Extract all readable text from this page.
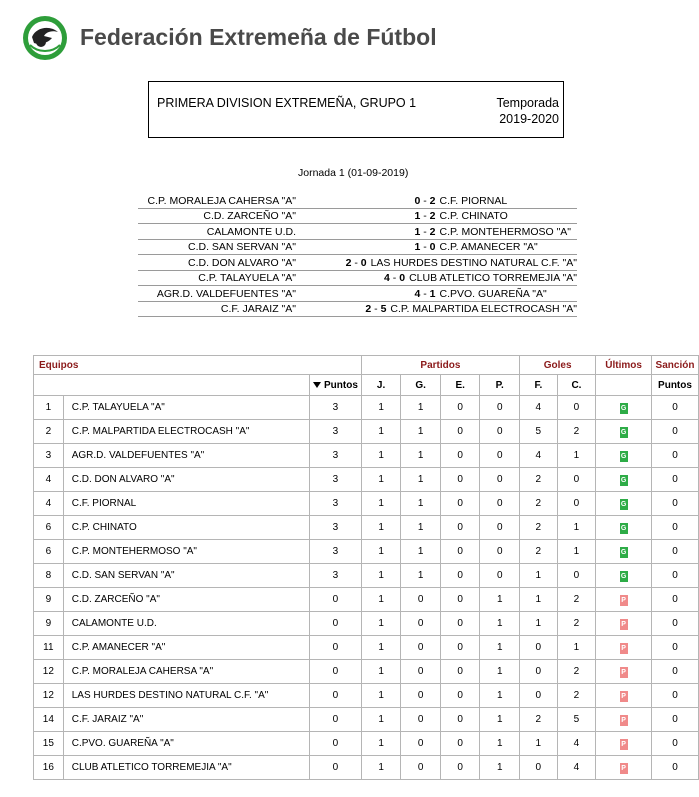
Federación Extremeña de Fútbol
PRIMERA DIVISION EXTREMEÑA, GRUPO 1	Temporada
2019-2020
Jornada 1 (01-09-2019)
C.P. MORALEJA CAHERSA "A"	0 - 2 C.F. PIORNAL
C.D. ZARCEÑO "A"	1 - 2 C.P. CHINATO
CALAMONTE U.D.	1 - 2 C.P. MONTEHERMOSO "A"
C.D. SAN SERVAN "A"	1 - 0 C.P. AMANECER "A"
C.D. DON ALVARO "A"	2 - 0 LAS HURDES DESTINO NATURAL C.F. "A"
C.P. TALAYUELA "A"	4 - 0 CLUB ATLETICO TORREMEJIA "A"
AGR.D. VALDEFUENTES "A"	4 - 1 C.PVO. GUAREÑA "A"
C.F. JARAIZ "A"	2 - 5 C.P. MALPARTIDA ELECTROCASH "A"
Equipos			Partidos				Goles		Últimos	Sanción
		Puntos	J.	G.	E.	P.	F.	C.		Puntos
1	C.P. TALAYUELA "A"	3	1	1	0	0	4	0	G	0
2	C.P. MALPARTIDA ELECTROCASH "A"	3	1	1	0	0	5	2	G	0
3	AGR.D. VALDEFUENTES "A"	3	1	1	0	0	4	1	G	0
4	C.D. DON ALVARO "A"	3	1	1	0	0	2	0	G	0
4	C.F. PIORNAL	3	1	1	0	0	2	0	G	0
6	C.P. CHINATO	3	1	1	0	0	2	1	G	0
6	C.P. MONTEHERMOSO "A"	3	1	1	0	0	2	1	G	0
8	C.D. SAN SERVAN "A"	3	1	1	0	0	1	0	G	0
9	C.D. ZARCEÑO "A"	0	1	0	0	1	1	2	P	0
9	CALAMONTE U.D.	0	1	0	0	1	1	2	P	0
11	C.P. AMANECER "A"	0	1	0	0	1	0	1	P	0
12	C.P. MORALEJA CAHERSA "A"	0	1	0	0	1	0	2	P	0
12	LAS HURDES DESTINO NATURAL C.F. "A"	0	1	0	0	1	0	2	P	0
14	C.F. JARAIZ "A"	0	1	0	0	1	2	5	P	0
15	C.PVO. GUAREÑA "A"	0	1	0	0	1	1	4	P	0
16	CLUB ATLETICO TORREMEJIA "A"	0	1	0	0	1	0	4	P	0
